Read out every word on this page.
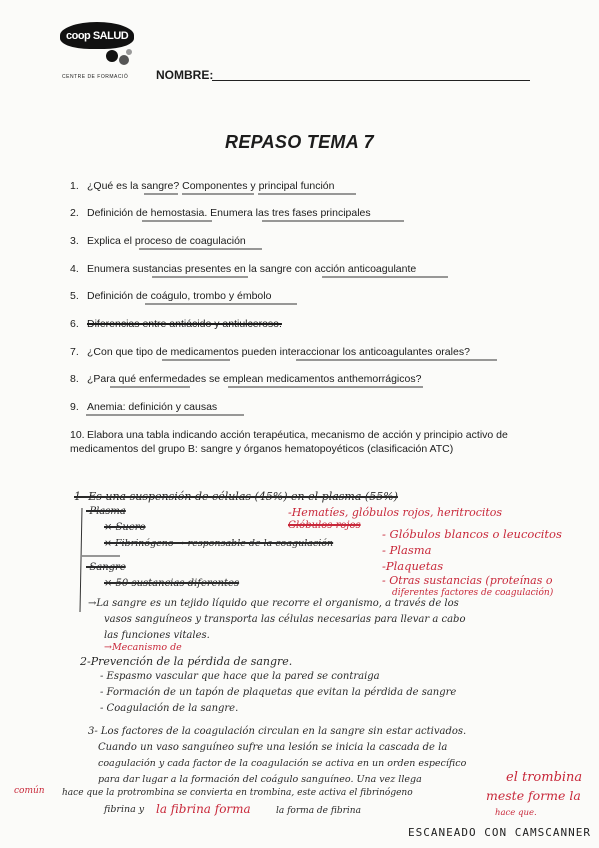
coop SALUD
CENTRE DE FORMACIÓ NOMBRE:
REPASO TEMA 7
1. ¿Qué es la sangre? Componentes y principal función
2. Definición de hemostasia. Enumera las tres fases principales
3. Explica el proceso de coagulación
4. Enumera sustancias presentes en la sangre con acción anticoagulante
5. Definición de coágulo, trombo y émbolo
6. Diferencias entre antiácido y antiulceroso.
7. ¿Con que tipo de medicamentos pueden interaccionar los anticoagulantes orales?
8. ¿Para qué enfermedades se emplean medicamentos anthemorrágicos?
9. Anemia: definición y causas
10. Elabora una tabla indicando acción terapéutica, mecanismo de acción y principio activo de medicamentos del grupo B: sangre y órganos hematopoyéticos (clasificación ATC)
1- Es una suspensión de células (45%) en el plasma (55%)
-Plasma
× Suero
× Fibrinógeno → responsable de la coagulación
-Sangre
× 50 sustancias diferentes
-Hematíes, glóbulos rojos, heritrocitos
Glóbulos rojos
- Glóbulos blancos o leucocitos
- Plasma
-Plaquetas
- Otras sustancias (proteínas o
diferentes factores de coagulación)
→La sangre es un tejido líquido que recorre el organismo, a través de los
vasos sanguíneos y transporta las células necesarias para llevar a cabo
las funciones vitales.
→Mecanismo de
2-Prevención de la pérdida de sangre.
- Espasmo vascular que hace que la pared se contraiga
- Formación de un tapón de plaquetas que evitan la pérdida de sangre
- Coagulación de la sangre.
3- Los factores de la coagulación circulan en la sangre sin estar activados.
Cuando un vaso sanguíneo sufre una lesión se inicia la cascada de la
coagulación y cada factor de la coagulación se activa en un orden específico
para dar lugar a la formación del coágulo sanguíneo. Una vez llega	el trombina
común hace que la protrombina se convierta en trombina, este activa el fibrinógeno	meste forme la
fibrina y la fibrina forma	la forma de fibrina	hace que.
ESCANEADO CON CAMSCANNER
